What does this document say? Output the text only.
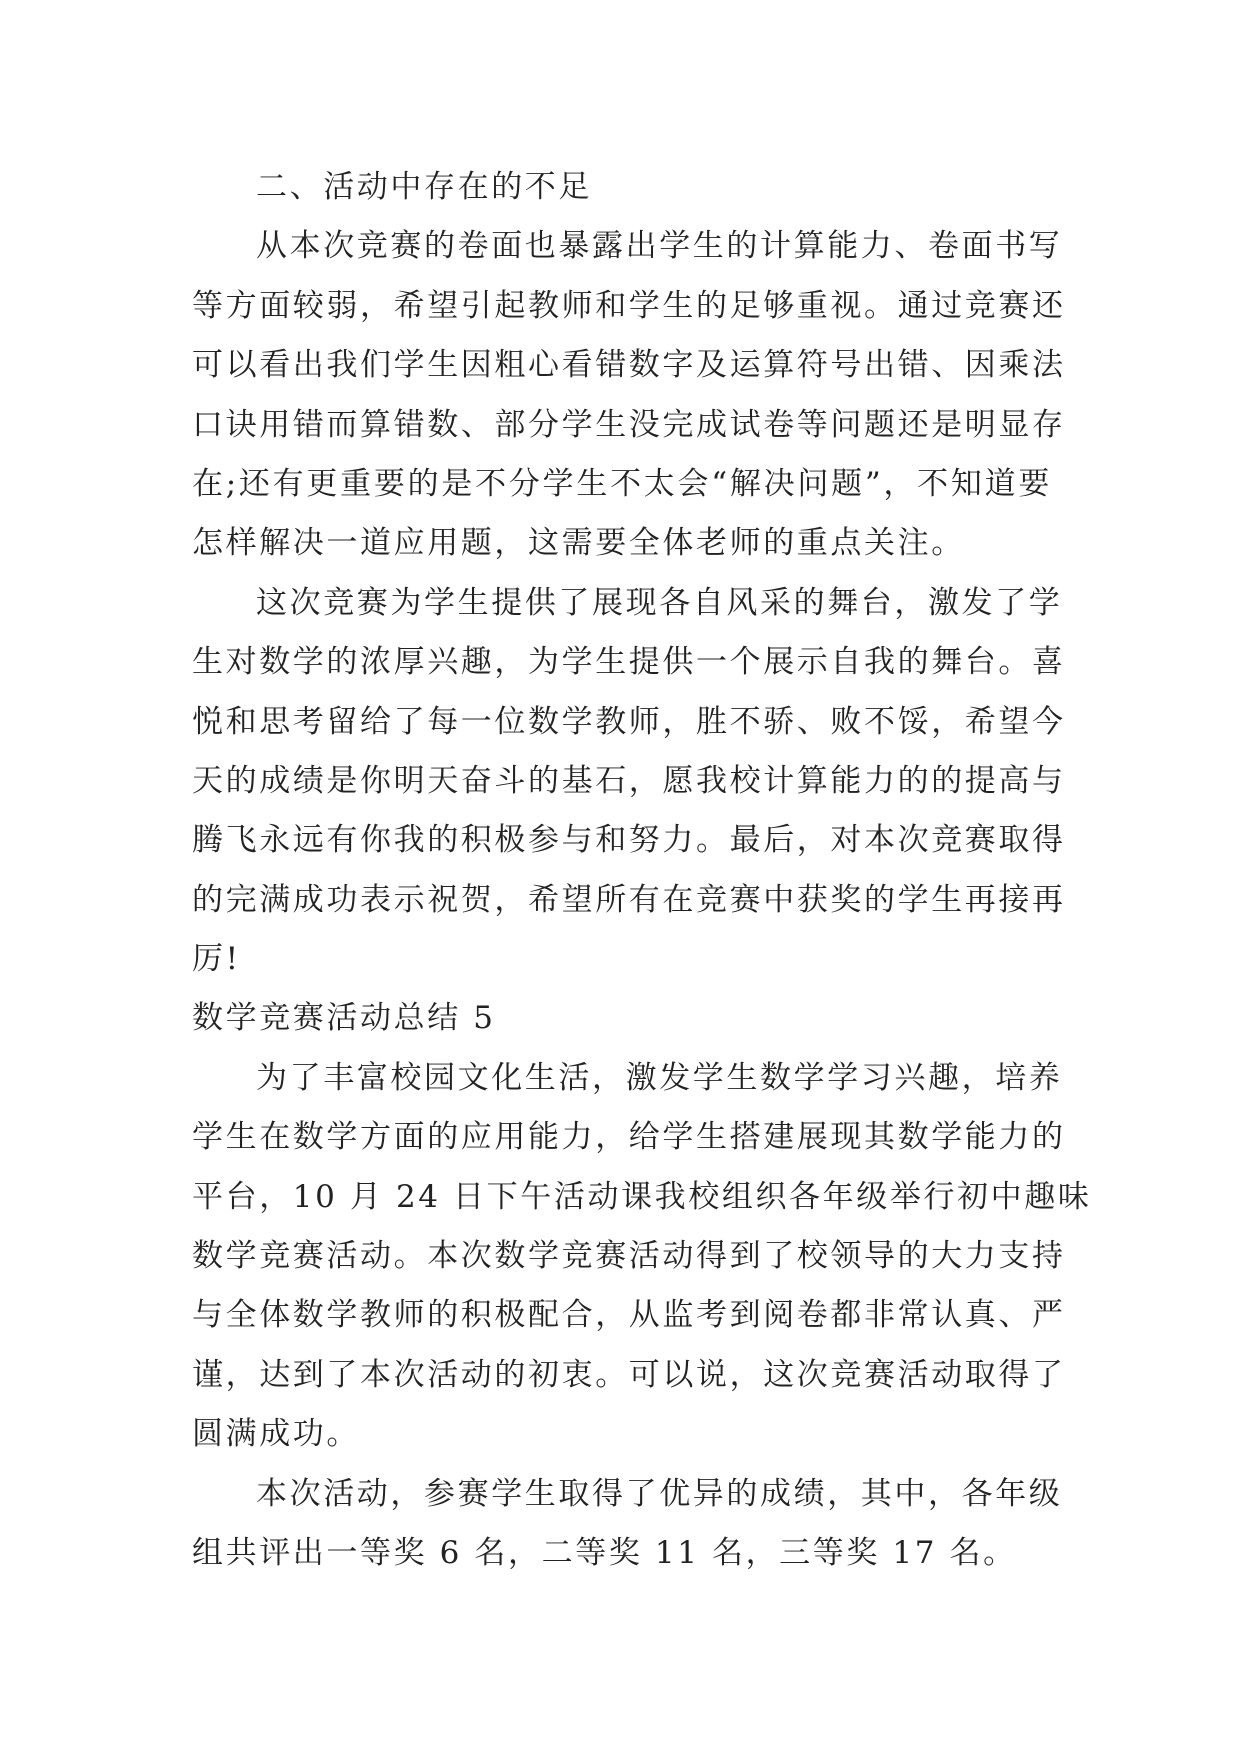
二、活动中存在的不足
从本次竞赛的卷面也暴露出学生的计算能力、卷面书写
等方面较弱，希望引起教师和学生的足够重视。通过竞赛还
可以看出我们学生因粗心看错数字及运算符号出错、因乘法
口诀用错而算错数、部分学生没完成试卷等问题还是明显存
在;还有更重要的是不分学生不太会“解决问题”，不知道要
怎样解决一道应用题，这需要全体老师的重点关注。
这次竞赛为学生提供了展现各自风采的舞台，激发了学
生对数学的浓厚兴趣，为学生提供一个展示自我的舞台。喜
悦和思考留给了每一位数学教师，胜不骄、败不馁，希望今
天的成绩是你明天奋斗的基石，愿我校计算能力的的提高与
腾飞永远有你我的积极参与和努力。最后，对本次竞赛取得
的完满成功表示祝贺，希望所有在竞赛中获奖的学生再接再
厉!
数学竞赛活动总结 5
为了丰富校园文化生活，激发学生数学学习兴趣，培养
学生在数学方面的应用能力，给学生搭建展现其数学能力的
平台，10 月 24 日下午活动课我校组织各年级举行初中趣味
数学竞赛活动。本次数学竞赛活动得到了校领导的大力支持
与全体数学教师的积极配合，从监考到阅卷都非常认真、严
谨，达到了本次活动的初衷。可以说，这次竞赛活动取得了
圆满成功。
本次活动，参赛学生取得了优异的成绩，其中，各年级
组共评出一等奖 6 名，二等奖 11 名，三等奖 17 名。
